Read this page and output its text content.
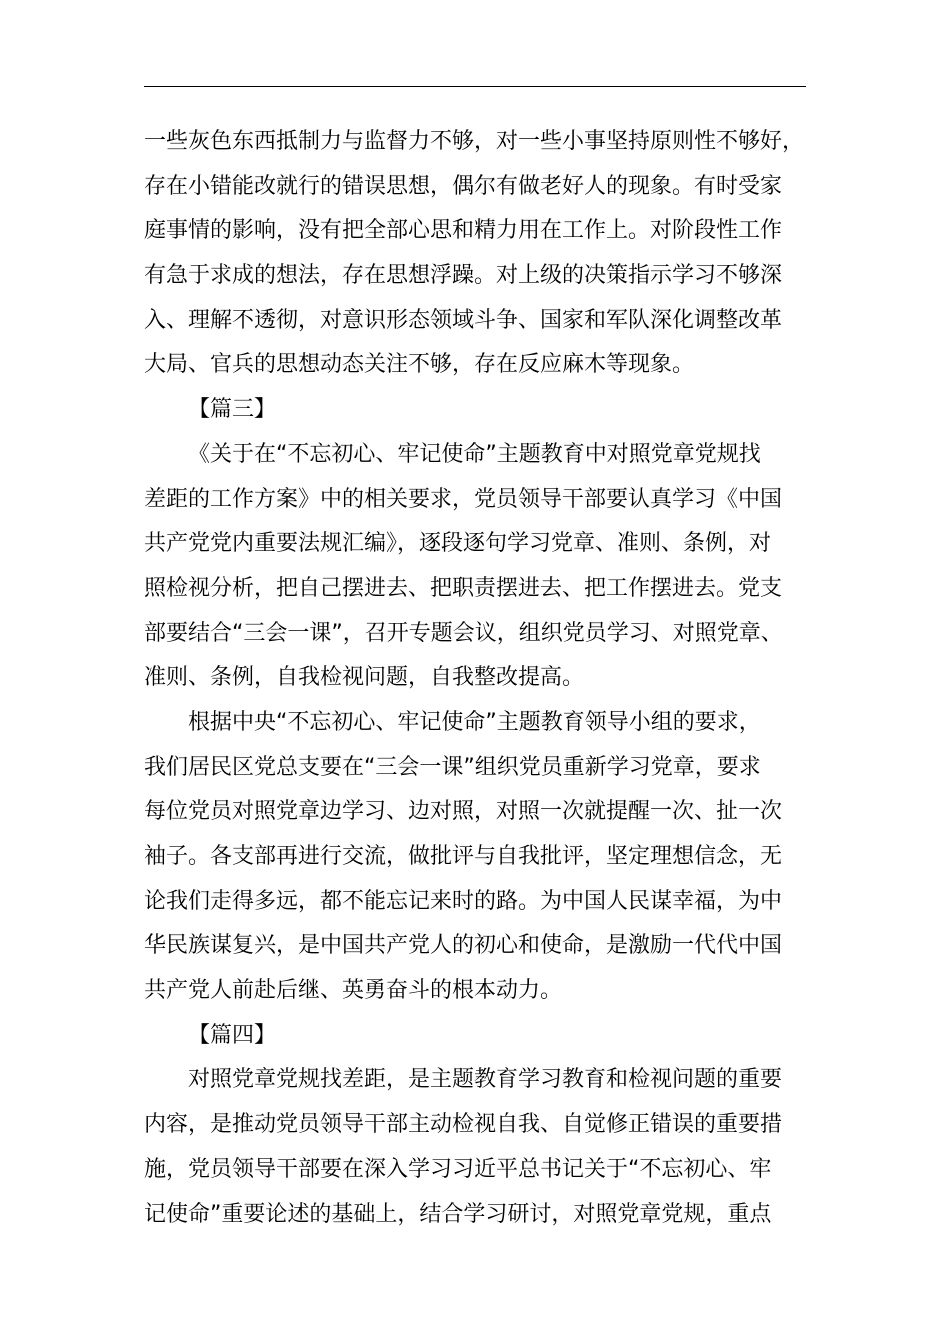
一些灰色东西抵制力与监督力不够，对一些小事坚持原则性不够好，
存在小错能改就行的错误思想，偶尔有做老好人的现象。有时受家
庭事情的影响，没有把全部心思和精力用在工作上。对阶段性工作
有急于求成的想法，存在思想浮躁。对上级的决策指示学习不够深
入、理解不透彻，对意识形态领域斗争、国家和军队深化调整改革
大局、官兵的思想动态关注不够，存在反应麻木等现象。
【篇三】
《关于在“不忘初心、牢记使命”主题教育中对照党章党规找
差距的工作方案》中的相关要求，党员领导干部要认真学习《中国
共产党党内重要法规汇编》，逐段逐句学习党章、准则、条例，对
照检视分析，把自己摆进去、把职责摆进去、把工作摆进去。党支
部要结合“三会一课”，召开专题会议，组织党员学习、对照党章、
准则、条例，自我检视问题，自我整改提高。
根据中央“不忘初心、牢记使命”主题教育领导小组的要求，
我们居民区党总支要在“三会一课”组织党员重新学习党章，要求
每位党员对照党章边学习、边对照，对照一次就提醒一次、扯一次
袖子。各支部再进行交流，做批评与自我批评，坚定理想信念，无
论我们走得多远，都不能忘记来时的路。为中国人民谋幸福，为中
华民族谋复兴，是中国共产党人的初心和使命，是激励一代代中国
共产党人前赴后继、英勇奋斗的根本动力。
【篇四】
对照党章党规找差距，是主题教育学习教育和检视问题的重要
内容，是推动党员领导干部主动检视自我、自觉修正错误的重要措
施，党员领导干部要在深入学习习近平总书记关于“不忘初心、牢
记使命”重要论述的基础上，结合学习研讨，对照党章党规，重点
